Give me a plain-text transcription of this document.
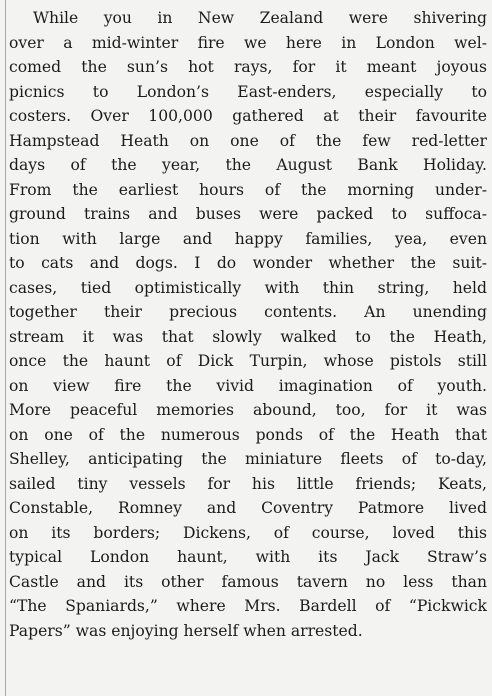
While you in New Zealand were shivering
over a mid-winter fire we here in London wel-
comed the sun’s hot rays, for it meant joyous
picnics to London’s East-enders, especially to
costers. Over 100,000 gathered at their favourite
Hampstead Heath on one of the few red-letter
days of the year, the August Bank Holiday.
From the earliest hours of the morning under-
ground trains and buses were packed to suffoca-
tion with large and happy families, yea, even
to cats and dogs. I do wonder whether the suit-
cases, tied optimistically with thin string, held
together their precious contents. An unending
stream it was that slowly walked to the Heath,
once the haunt of Dick Turpin, whose pistols still
on view fire the vivid imagination of youth.
More peaceful memories abound, too, for it was
on one of the numerous ponds of the Heath that
Shelley, anticipating the miniature fleets of to-day,
sailed tiny vessels for his little friends; Keats,
Constable, Romney and Coventry Patmore lived
on its borders; Dickens, of course, loved this
typical London haunt, with its Jack Straw’s
Castle and its other famous tavern no less than
“The Spaniards,” where Mrs. Bardell of “Pickwick
Papers” was enjoying herself when arrested.
